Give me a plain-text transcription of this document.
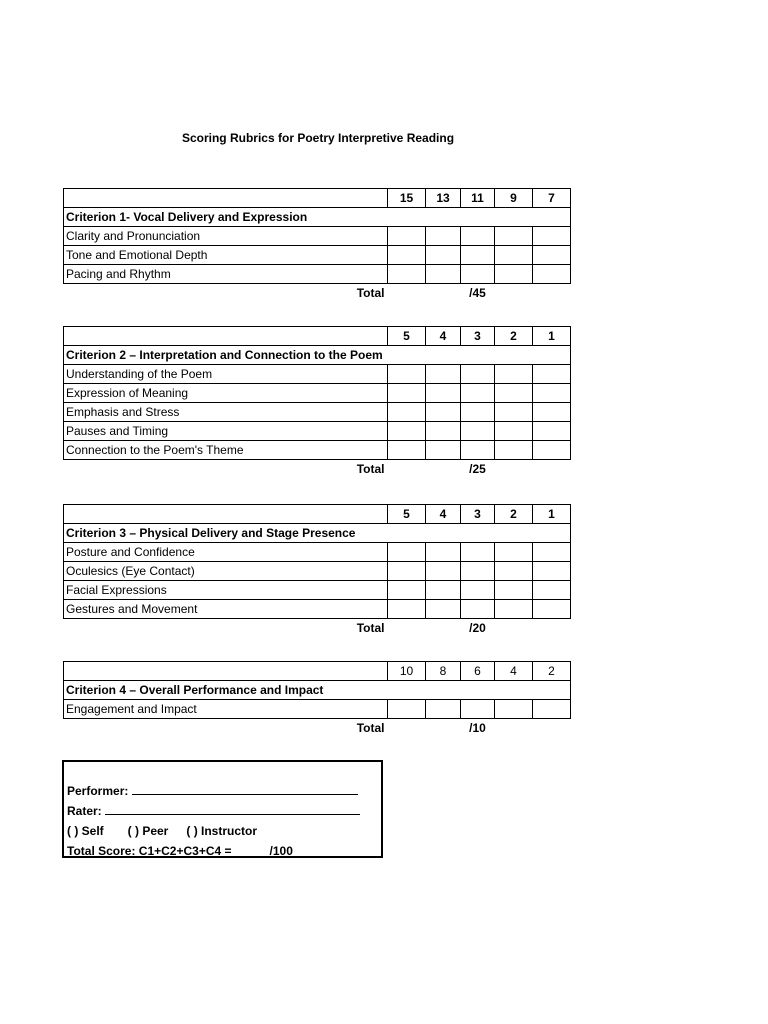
Scoring Rubrics for Poetry Interpretive Reading
	15	13	11	9	7
Criterion 1- Vocal Delivery and Expression					
Clarity and Pronunciation					
Tone and Emotional Depth					
Pacing and Rhythm					
Total			/45		
	5	4	3	2	1
Criterion 2 – Interpretation and Connection to the Poem					
Understanding of the Poem					
Expression of Meaning					
Emphasis and Stress					
Pauses and Timing					
Connection to the Poem's Theme					
Total			/25		
	5	4	3	2	1
Criterion 3 – Physical Delivery and Stage Presence					
Posture and Confidence					
Oculesics (Eye Contact)					
Facial Expressions					
Gestures and Movement					
Total			/20		
	10	8	6	4	2
Criterion 4 – Overall Performance and Impact					
Engagement and Impact					
Total			/10		
Performer:
Rater:
( ) Self ( ) Peer ( ) Instructor
Total Score: C1+C2+C3+C4 =	/100
